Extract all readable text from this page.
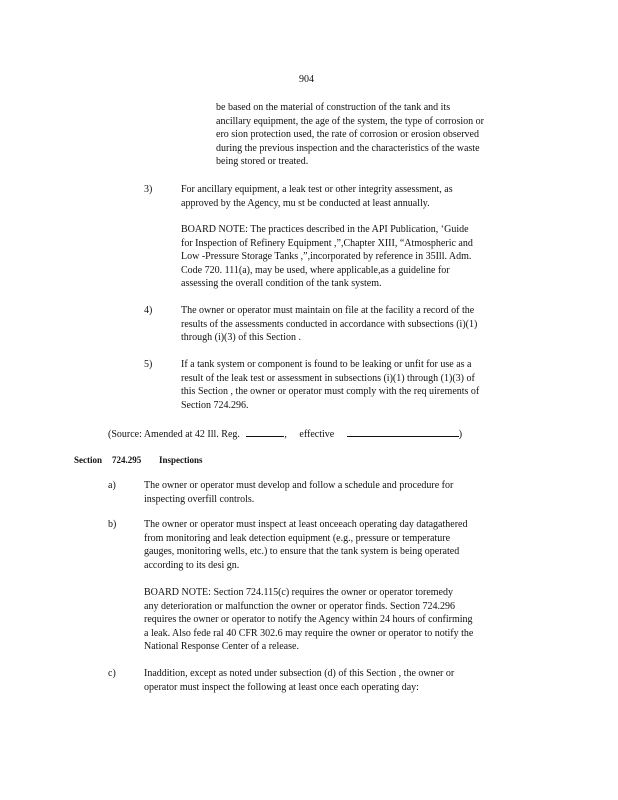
904
be based on the material of construction of the tank and its
ancillary equipment, the age of the system, the type of corrosion or
ero sion protection used, the rate of corrosion or erosion observed
during the previous inspection and the characteristics of the waste
being stored or treated.
3)	For ancillary equipment, a leak test or other integrity assessment, as
approved by the Agency, mu st be conducted at least annually.
BOARD NOTE: The practices described in the API Publication, ‘Guide
for Inspection of Refinery Equipment ,”,Chapter XIII, “Atmospheric and
Low -Pressure Storage Tanks ,”,incorporated by reference in 35Ill. Adm.
Code 720. 111(a), may be used, where applicable,as a guideline for
assessing the overall condition of the tank system.
4)	The owner or operator must maintain on file at the facility a record of the
results of the assessments conducted in accordance with subsections (i)(1)
through (i)(3) of this Section .
5)	If a tank system or component is found to be leaking or unfit for use as a
result of the leak test or assessment in subsections (i)(1) through (1)(3) of
this Section , the owner or operator must comply with the req uirements of
Section 724.296.
(Source: Amended at 42 Ill. Reg.	, effective	)
Section 724.295 Inspections
a)	The owner or operator must develop and follow a schedule and procedure for
inspecting overfill controls.
b)	The owner or operator must inspect at least onceeach operating day datagathered
from monitoring and leak detection equipment (e.g., pressure or temperature
gauges, monitoring wells, etc.) to ensure that the tank system is being operated
according to its desi gn.
BOARD NOTE: Section 724.115(c) requires the owner or operator toremedy
any deterioration or malfunction the owner or operator finds. Section 724.296
requires the owner or operator to notify the Agency within 24 hours of confirming
a leak. Also fede ral 40 CFR 302.6 may require the owner or operator to notify the
National Response Center of a release.
c)	Inaddition, except as noted under subsection (d) of this Section , the owner or
operator must inspect the following at least once each operating day:
